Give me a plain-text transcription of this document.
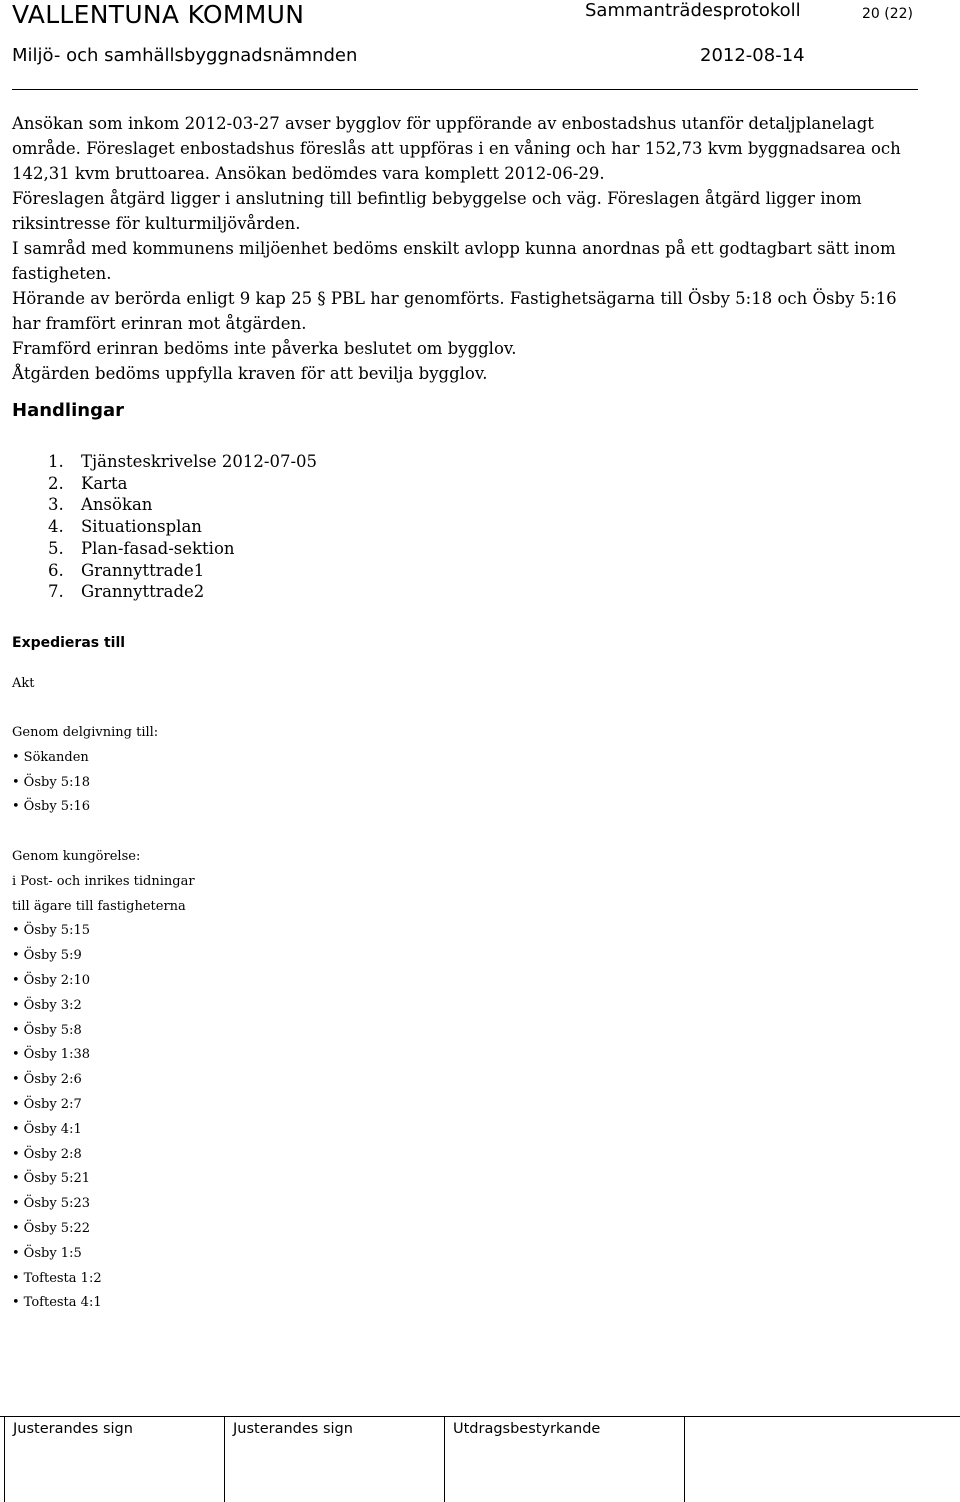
VALLENTUNA KOMMUN	Sammanträdesprotokoll	20 (22)
Miljö- och samhällsbyggnadsnämnden	2012-08-14

Ansökan som inkom 2012-03-27 avser bygglov för uppförande av enbostadshus utanför detaljplanelagt område. Föreslaget enbostadshus föreslås att uppföras i en våning och har 152,73 kvm byggnadsarea och 142,31 kvm bruttoarea. Ansökan bedömdes vara komplett 2012-06-29.

Föreslagen åtgärd ligger i anslutning till befintlig bebyggelse och väg. Föreslagen åtgärd ligger inom riksintresse för kulturmiljövården.

I samråd med kommunens miljöenhet bedöms enskilt avlopp kunna anordnas på ett godtagbart sätt inom fastigheten.

Hörande av berörda enligt 9 kap 25 § PBL har genomförts. Fastighetsägarna till Ösby 5:18 och Ösby 5:16 har framfört erinran mot åtgärden.

Framförd erinran bedöms inte påverka beslutet om bygglov.

Åtgärden bedöms uppfylla kraven för att bevilja bygglov.

Handlingar
1.	Tjänsteskrivelse 2012-07-05
2.	Karta
3.	Ansökan
4.	Situationsplan
5.	Plan-fasad-sektion
6.	Grannyttrade1
7.	Grannyttrade2
Expedieras till
Akt
Genom delgivning till:
• Sökanden
• Ösby 5:18
• Ösby 5:16
Genom kungörelse:
i Post- och inrikes tidningar
till ägare till fastigheterna
• Ösby 5:15
• Ösby 5:9
• Ösby 2:10
• Ösby 3:2
• Ösby 5:8
• Ösby 1:38
• Ösby 2:6
• Ösby 2:7
• Ösby 4:1
• Ösby 2:8
• Ösby 5:21
• Ösby 5:23
• Ösby 5:22
• Ösby 1:5
• Toftesta 1:2
• Toftesta 4:1
Justerandes sign	Justerandes sign	Utdragsbestyrkande
